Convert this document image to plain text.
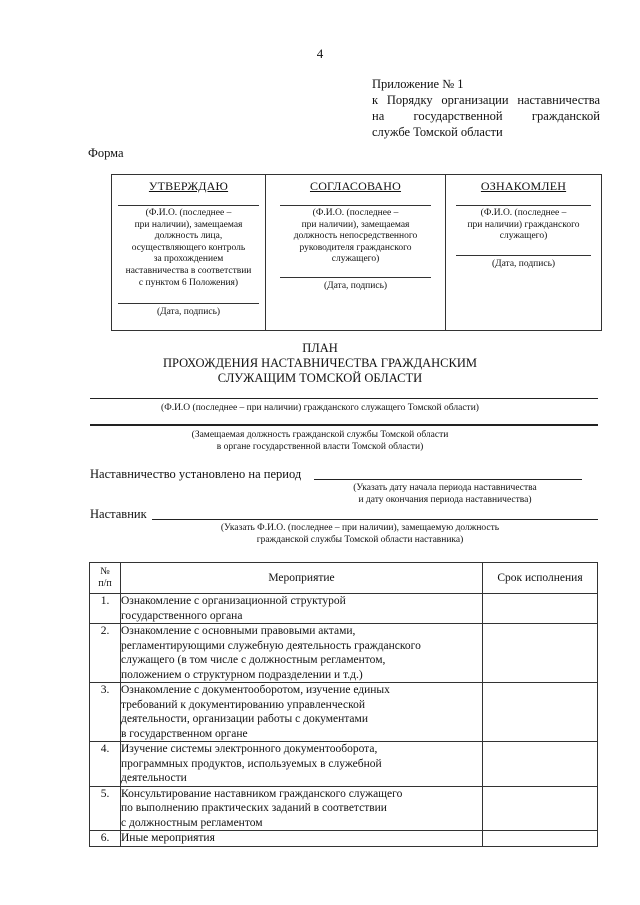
4
Приложение № 1
к Порядку организации наставничества
на государственной гражданской
службе Томской области
Форма
УТВЕРЖДАЮ
(Ф.И.О. (последнее –
при наличии), замещаемая
должность лица,
осуществляющего контроль
за прохождением
наставничества в соответствии
с пунктом 6 Положения)
(Дата, подпись)
СОГЛАСОВАНО
(Ф.И.О. (последнее –
при наличии), замещаемая
должность непосредственного
руководителя гражданского
служащего)
(Дата, подпись)
ОЗНАКОМЛЕН
(Ф.И.О. (последнее –
при наличии) гражданского
служащего)
(Дата, подпись)
ПЛАН
ПРОХОЖДЕНИЯ НАСТАВНИЧЕСТВА ГРАЖДАНСКИМ
СЛУЖАЩИМ ТОМСКОЙ ОБЛАСТИ
(Ф.И.О (последнее – при наличии) гражданского служащего Томской области)
(Замещаемая должность гражданской службы Томской области
в органе государственной власти Томской области)
Наставничество установлено на период
(Указать дату начала периода наставничества
и дату окончания периода наставничества)
Наставник
(Указать Ф.И.О. (последнее – при наличии), замещаемую должность
гражданской службы Томской области наставника)
№
п/п	Мероприятие	Срок исполнения
1.	Ознакомление с организационной структурой
государственного органа	

2.	Ознакомление с основными правовыми актами,
регламентирующими служебную деятельность гражданского
служащего (в том числе с должностным регламентом,
положением о структурном подразделении и т.д.)	

3.	Ознакомление с документооборотом, изучение единых
требований к документированию управленческой
деятельности, организации работы с документами
в государственном органе	

4.	Изучение системы электронного документооборота,
программных продуктов, используемых в служебной
деятельности	

5.	Консультирование наставником гражданского служащего
по выполнению практических заданий в соответствии
с должностным регламентом	

6.	Иные мероприятия	
